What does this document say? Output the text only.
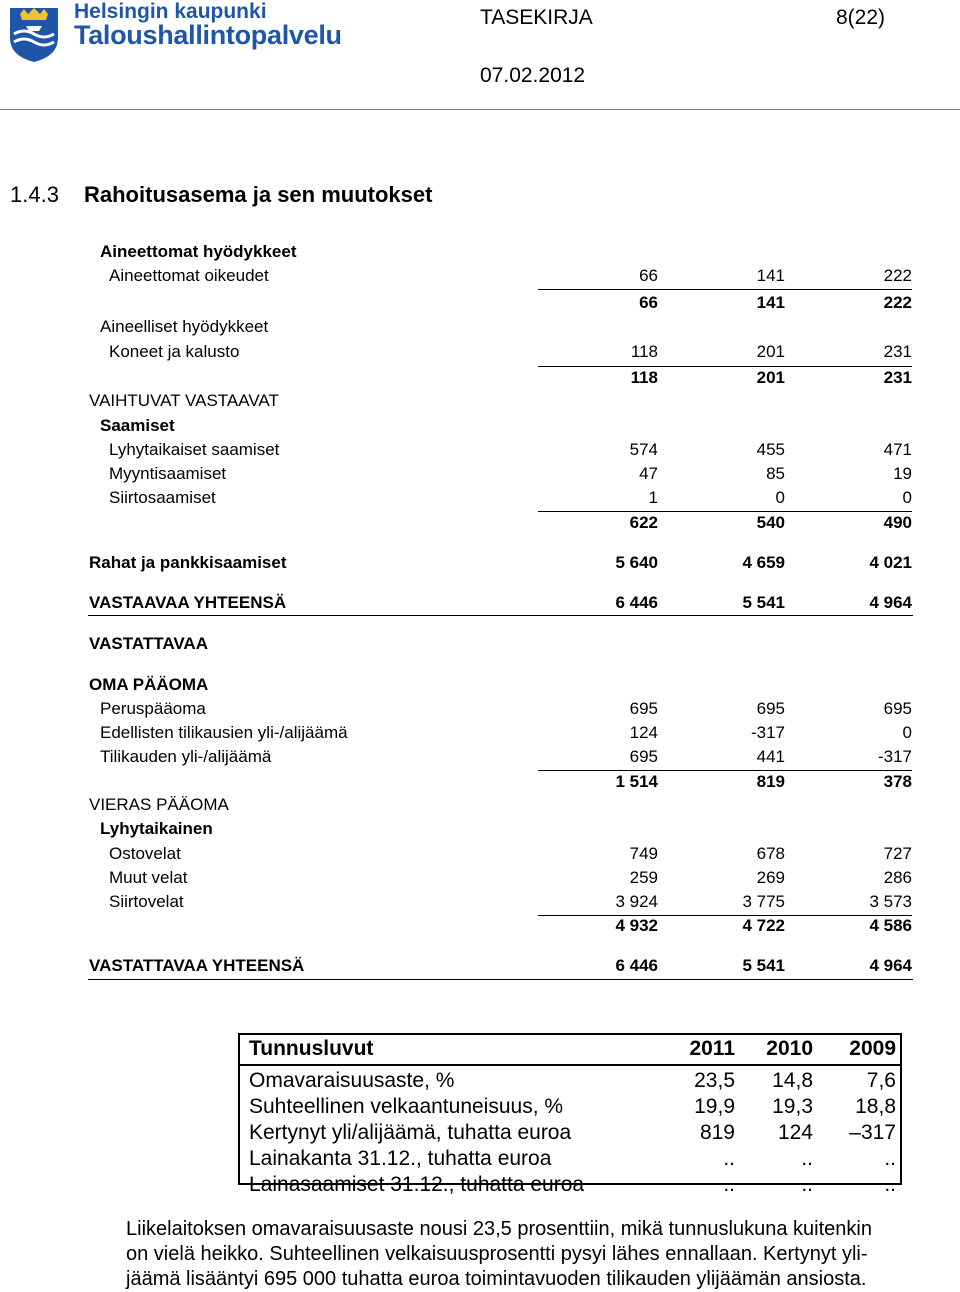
Helsingin kaupunki
Taloushallintopalvelu
TASEKIRJA	8(22)
07.02.2012
1.4.3 Rahoitusasema ja sen muutokset
Aineettomat hyödykkeet
Aineettomat oikeudet	66	141	222
66	141	222
Aineelliset hyödykkeet
Koneet ja kalusto	118	201	231
118	201	231
VAIHTUVAT VASTAAVAT
Saamiset
Lyhytaikaiset saamiset	574	455	471
Myyntisaamiset	47	85	19
Siirtosaamiset	1	0	0
622	540	490
Rahat ja pankkisaamiset	5 640	4 659	4 021
VASTAAVAA YHTEENSÄ	6 446	5 541	4 964
VASTATTAVAA
OMA PÄÄOMA
Peruspääoma	695	695	695
Edellisten tilikausien yli-/alijäämä	124	-317	0
Tilikauden yli-/alijäämä	695	441	-317
1 514	819	378
VIERAS PÄÄOMA
Lyhytaikainen
Ostovelat	749	678	727
Muut velat	259	269	286
Siirtovelat	3 924	3 775	3 573
4 932	4 722	4 586
VASTATTAVAA YHTEENSÄ	6 446	5 541	4 964
Tunnusluvut	2011	2010	2009
Omavaraisuusaste, %	23,5	14,8	7,6
Suhteellinen velkaantuneisuus, %	19,9	19,3	18,8
Kertynyt yli/alijäämä, tuhatta euroa	819	124	–317
Lainakanta 31.12., tuhatta euroa	..	..	..
Lainasaamiset 31.12., tuhatta euroa	..	..	..
Liikelaitoksen omavaraisuusaste nousi 23,5 prosenttiin, mikä tunnuslukuna kuitenkin
on vielä heikko. Suhteellinen velkaisuusprosentti pysyi lähes ennallaan. Kertynyt yli-
jäämä lisääntyi 695 000 tuhatta euroa toimintavuoden tilikauden ylijäämän ansiosta.
